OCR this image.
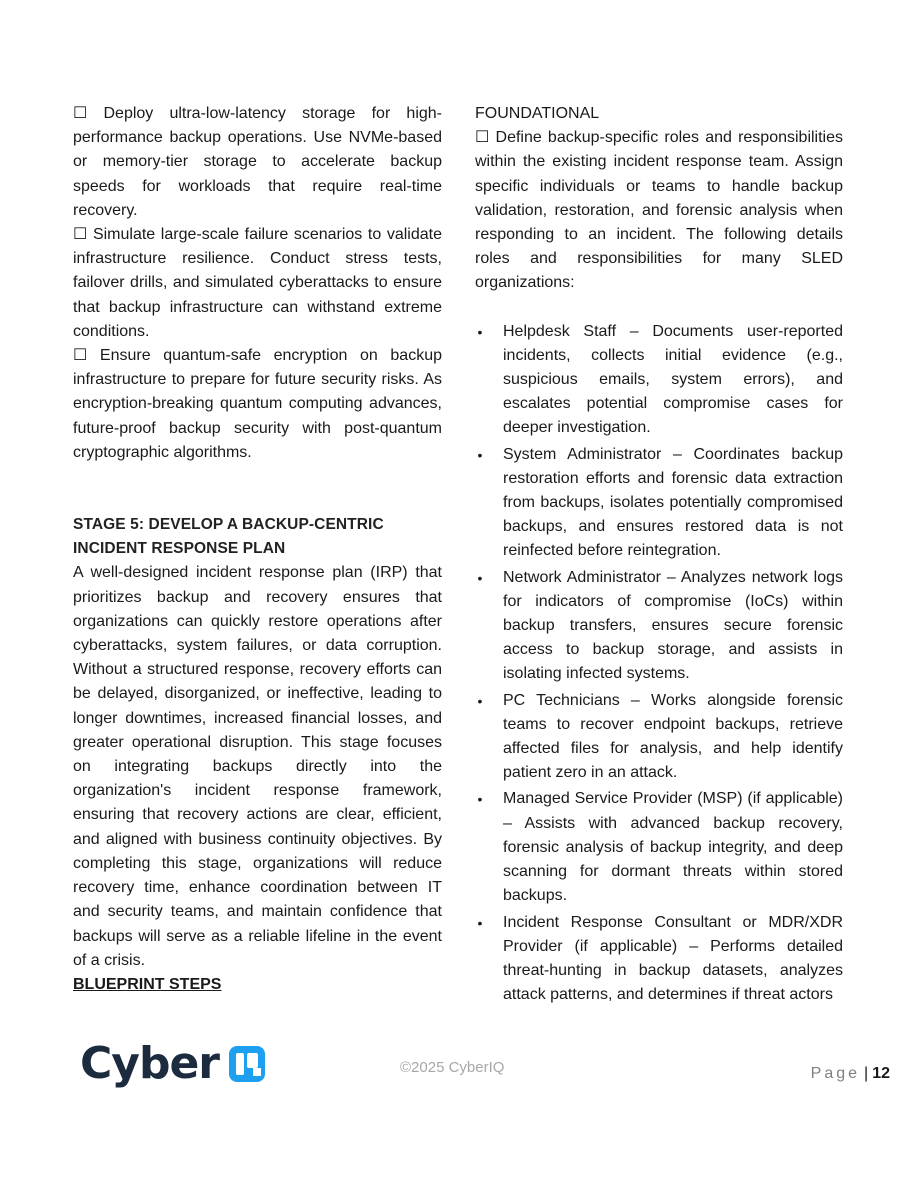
☐ Deploy ultra-low-latency storage for high-performance backup operations. Use NVMe-based or memory-tier storage to accelerate backup speeds for workloads that require real-time recovery.

☐ Simulate large-scale failure scenarios to validate infrastructure resilience. Conduct stress tests, failover drills, and simulated cyberattacks to ensure that backup infrastructure can withstand extreme conditions.

☐ Ensure quantum-safe encryption on backup infrastructure to prepare for future security risks. As encryption-breaking quantum computing advances, future-proof backup security with post-quantum cryptographic algorithms.

STAGE 5: DEVELOP A BACKUP-CENTRIC
INCIDENT RESPONSE PLAN

A well-designed incident response plan (IRP) that prioritizes backup and recovery ensures that organizations can quickly restore operations after cyberattacks, system failures, or data corruption. Without a structured response, recovery efforts can be delayed, disorganized, or ineffective, leading to longer downtimes, increased financial losses, and greater operational disruption. This stage focuses on integrating backups directly into the organization's incident response framework, ensuring that recovery actions are clear, efficient, and aligned with business continuity objectives. By completing this stage, organizations will reduce recovery time, enhance coordination between IT and security teams, and maintain confidence that backups will serve as a reliable lifeline in the event of a crisis.

BLUEPRINT STEPS
FOUNDATIONAL

☐ Define backup-specific roles and responsibilities within the existing incident response team. Assign specific individuals or teams to handle backup validation, restoration, and forensic analysis when responding to an incident. The following details roles and responsibilities for many SLED organizations:

• Helpdesk Staff – Documents user-reported incidents, collects initial evidence (e.g., suspicious emails, system errors), and escalates potential compromise cases for deeper investigation.

• System Administrator – Coordinates backup restoration efforts and forensic data extraction from backups, isolates potentially compromised backups, and ensures restored data is not reinfected before reintegration.

• Network Administrator – Analyzes network logs for indicators of compromise (IoCs) within backup transfers, ensures secure forensic access to backup storage, and assists in isolating infected systems.

• PC Technicians – Works alongside forensic teams to recover endpoint backups, retrieve affected files for analysis, and help identify patient zero in an attack.

• Managed Service Provider (MSP) (if applicable) – Assists with advanced backup recovery, forensic analysis of backup integrity, and deep scanning for dormant threats within stored backups.

• Incident Response Consultant or MDR/XDR Provider (if applicable) – Performs detailed threat-hunting in backup datasets, analyzes attack patterns, and determines if threat actors

Cyber	©2025 CyberIQ	Page | 12
